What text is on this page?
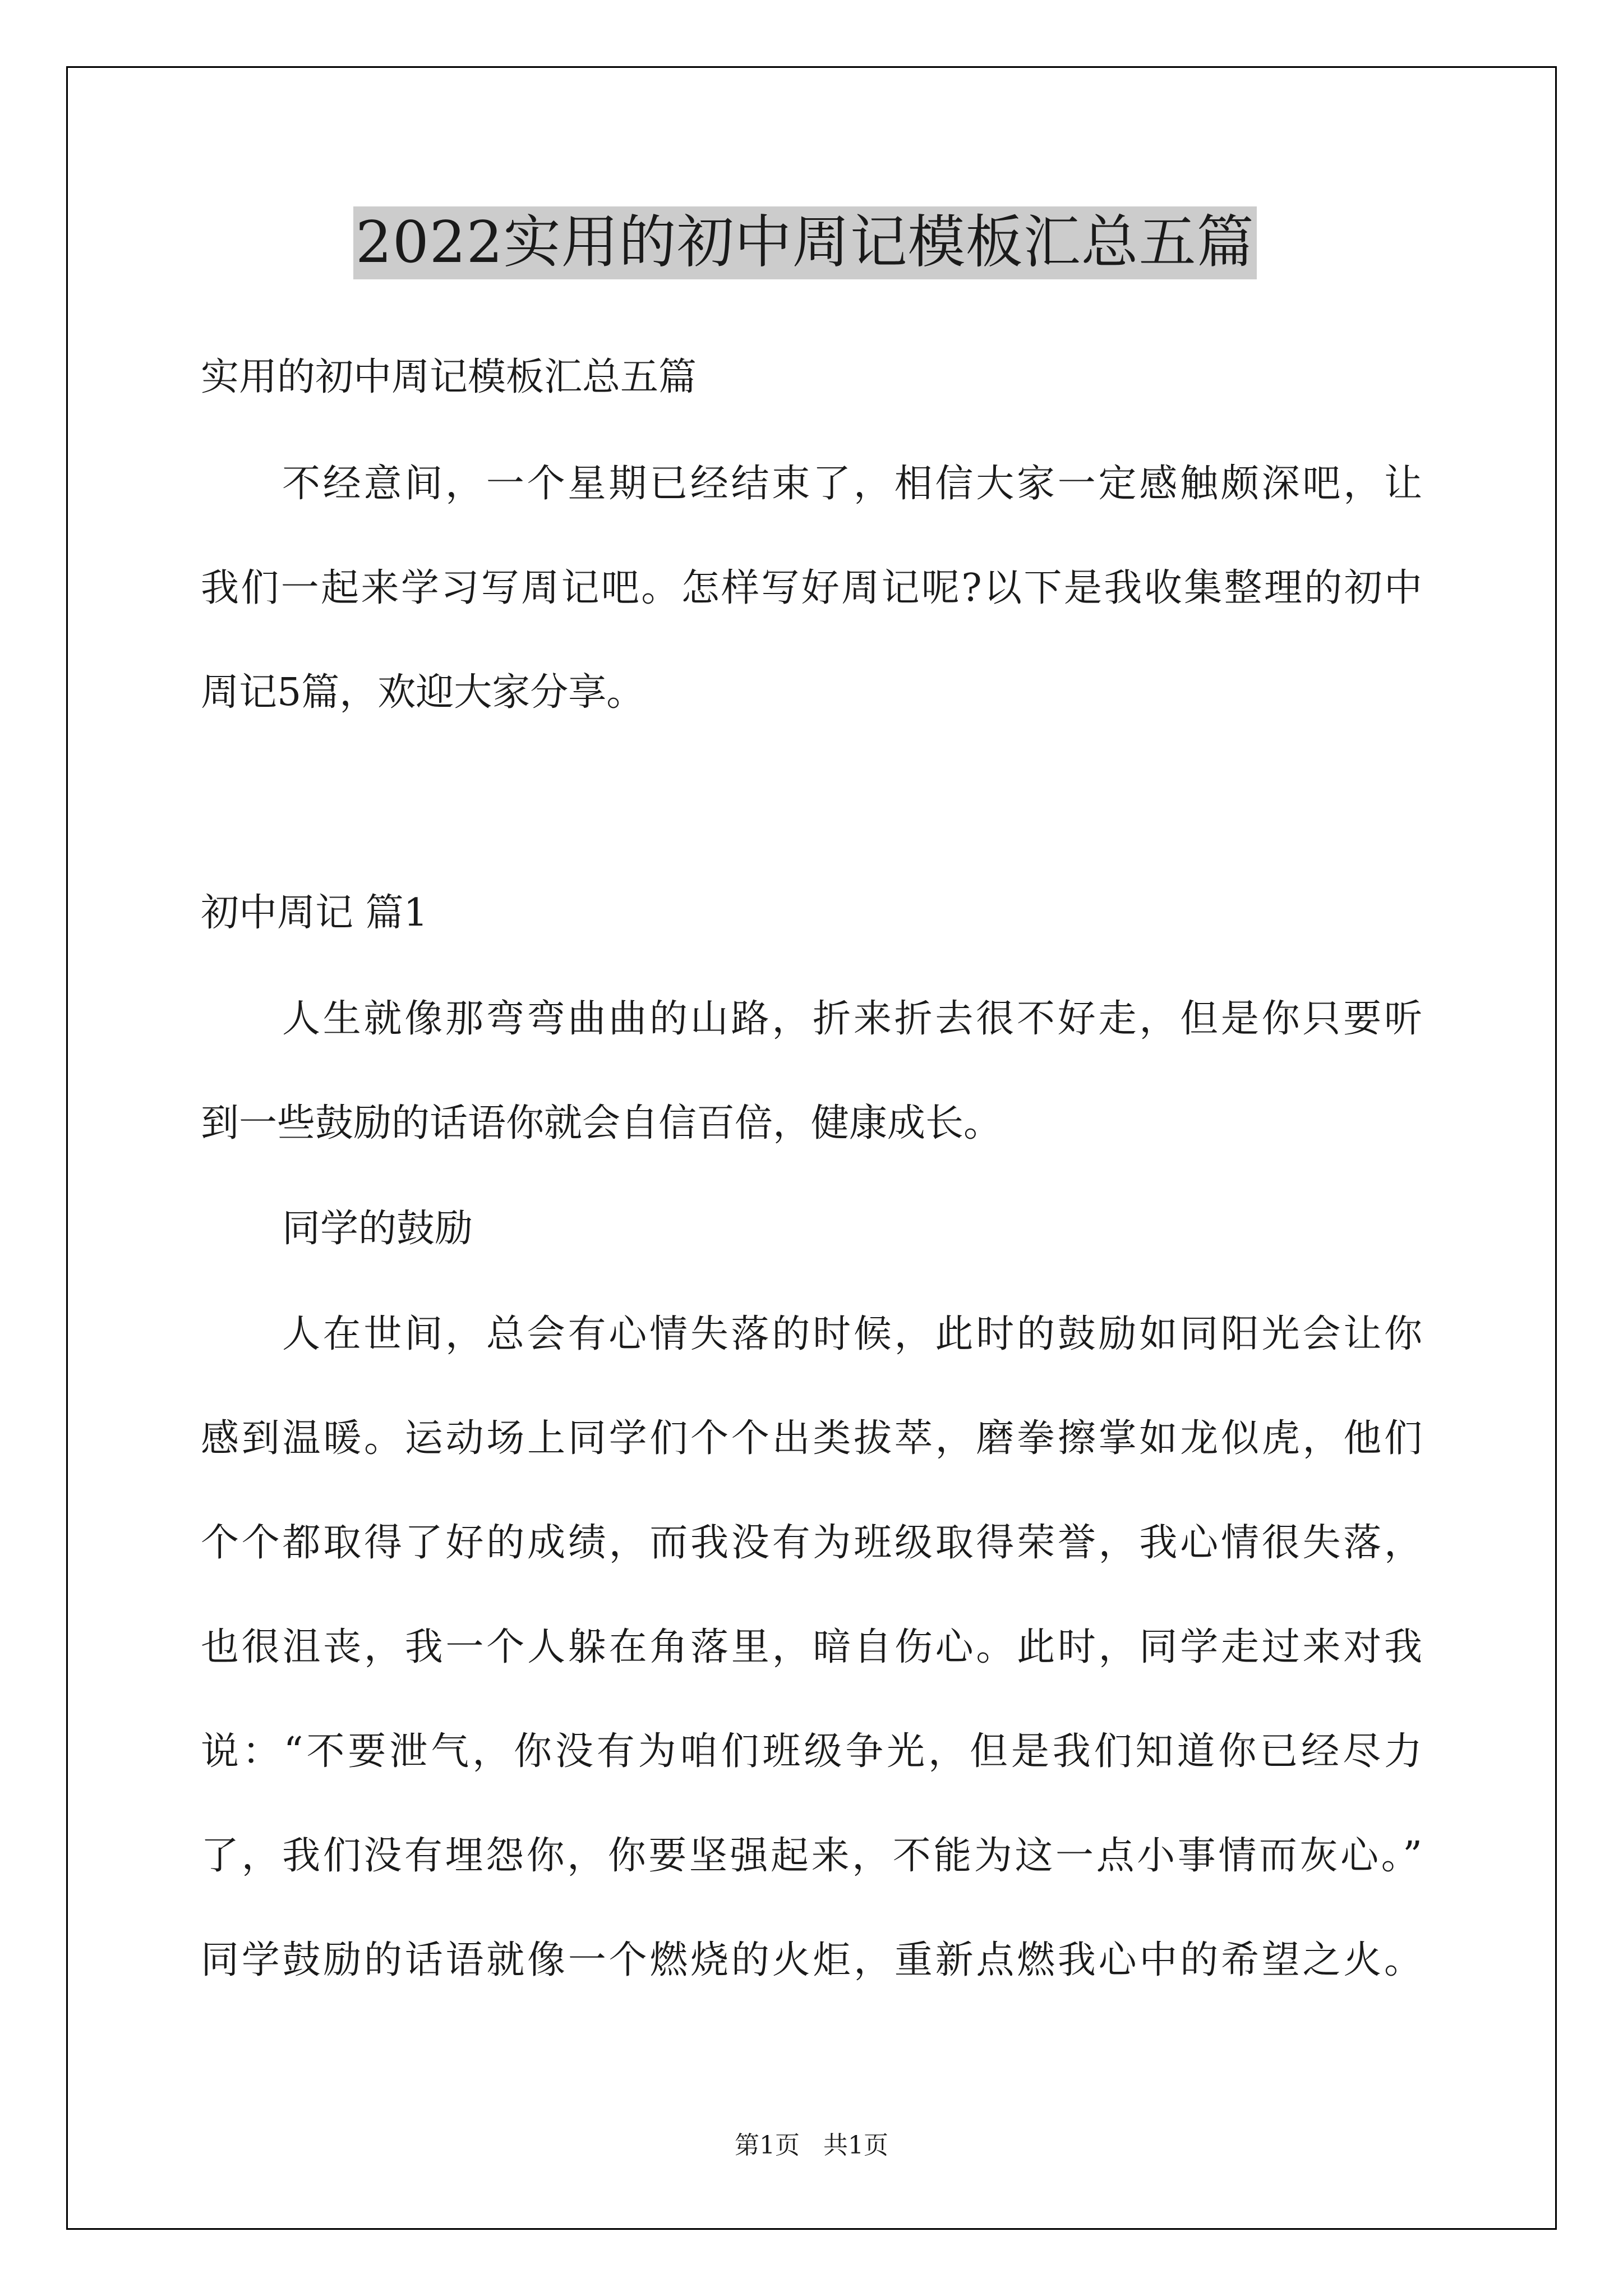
2022实用的初中周记模板汇总五篇
实用的初中周记模板汇总五篇
不经意间，一个星期已经结束了，相信大家一定感触颇深吧，让
我们一起来学习写周记吧。怎样写好周记呢?以下是我收集整理的初中
周记5篇，欢迎大家分享。
初中周记 篇1
人生就像那弯弯曲曲的山路，折来折去很不好走，但是你只要听
到一些鼓励的话语你就会自信百倍，健康成长。
同学的鼓励
人在世间，总会有心情失落的时候，此时的鼓励如同阳光会让你
感到温暖。运动场上同学们个个出类拔萃，磨拳擦掌如龙似虎，他们
个个都取得了好的成绩，而我没有为班级取得荣誉，我心情很失落，
也很沮丧，我一个人躲在角落里，暗自伤心。此时，同学走过来对我
说：“不要泄气，你没有为咱们班级争光，但是我们知道你已经尽力
了，我们没有埋怨你，你要坚强起来，不能为这一点小事情而灰心。”
同学鼓励的话语就像一个燃烧的火炬，重新点燃我心中的希望之火。
第1页   共1页
